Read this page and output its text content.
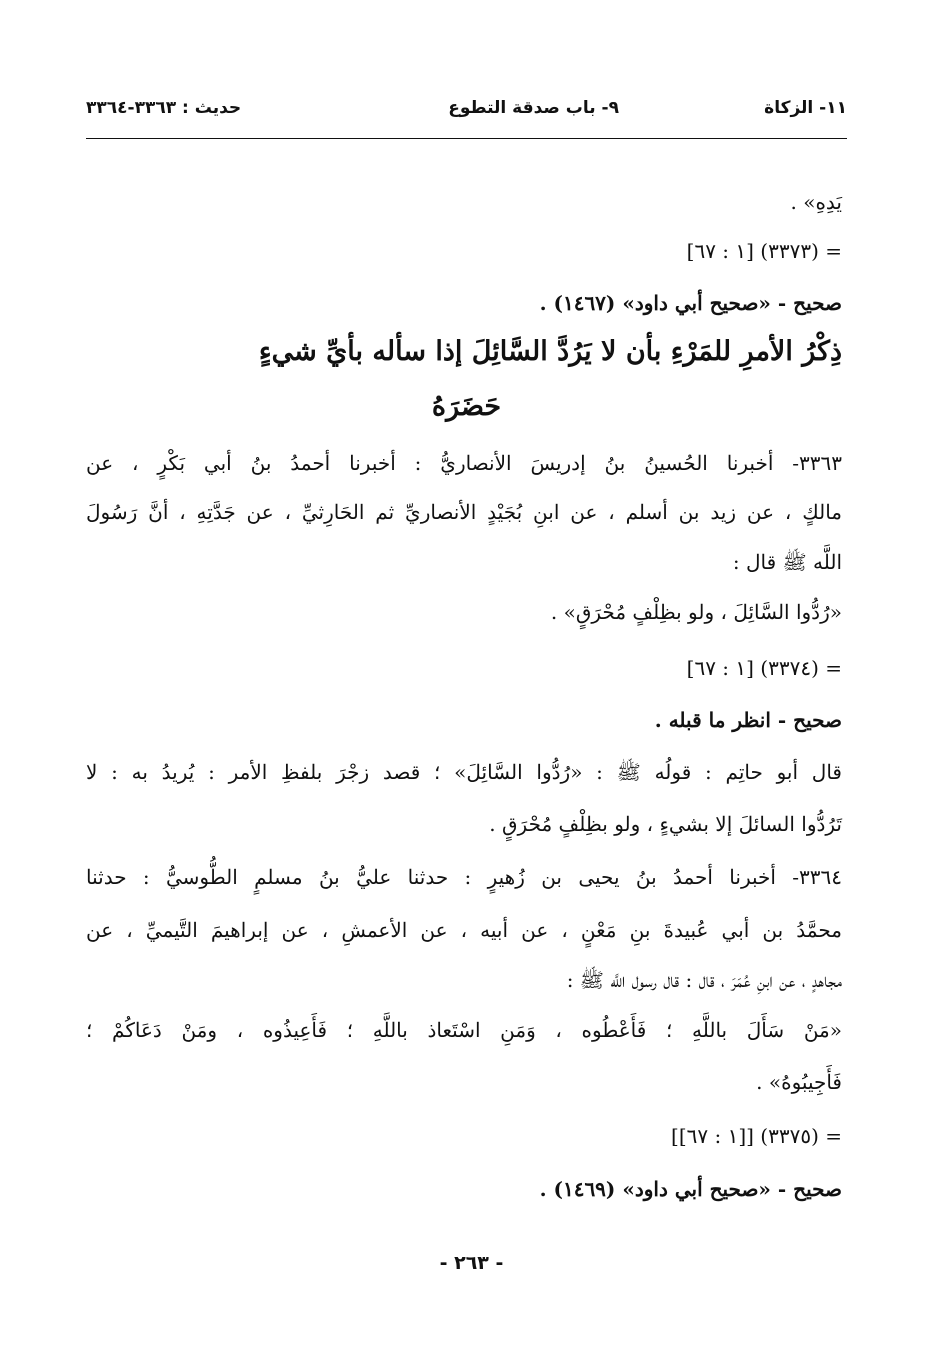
١١- الزكاة
٩- باب صدقة التطوع
حديث : ٣٣٦٣-٣٣٦٤
يَدِهِ» .
= (٣٣٧٣) [١ : ٦٧]
صحيح - «صحيح أبي داود» (١٤٦٧) .
ذِكْرُ الأمرِ للمَرْءِ بأن لا يَرُدَّ السَّائِلَ إذا سأله بأيِّ شيءٍ
حَضَرَهُ
٣٣٦٣- أخبرنا الحُسينُ بنُ إدريسَ الأنصاريُّ : أخبرنا أحمدُ بنُ أبي بَكْرٍ ، عن
مالكٍ ، عن زيد بن أسلم ، عن ابنِ بُجَيْدٍ الأنصاريِّ ثم الحَارِثيِّ ، عن جَدَّتِهِ ، أنَّ رَسُولَ
اللَّه ﷺ قال :
«رُدُّوا السَّائِلَ ، ولو بظِلْفٍ مُحْرَقٍ» .
= (٣٣٧٤) [١ : ٦٧]
صحيح - انظر ما قبله .
قال أبو حاتِم : قولُه ﷺ : «رُدُّوا السَّائِلَ» ؛ قصد زجْرَ بلفظِ الأمر : يُريدُ به : لا
تَرُدُّوا السائلَ إلا بشيءٍ ، ولو بظِلْفٍ مُحْرَقٍ .
٣٣٦٤- أخبرنا أحمدُ بنُ يحيى بن زُهيرٍ : حدثنا عليُّ بنُ مسلمٍ الطُّوسيُّ : حدثنا
محمَّدُ بن أبي عُبيدةَ بنِ مَعْنٍ ، عن أبيه ، عن الأعمشِ ، عن إبراهيمَ التَّيميِّ ، عن
مجاهدٍ ، عن ابنِ عُمَرَ ، قال : قال رسول اللَّه ﷺ :
«مَنْ سَأَلَ باللَّهِ ؛ فَأَعْطُوه ، وَمَنِ اسْتَعاذ باللَّهِ ؛ فَأَعِيذُوه ، ومَنْ دَعَاكُمْ ؛
فَأَجِيبُوهُ» .
= (٣٣٧٥) [[١ : ٦٧]]
صحيح - «صحيح أبي داود» (١٤٦٩) .
- ٢٦٣ -
